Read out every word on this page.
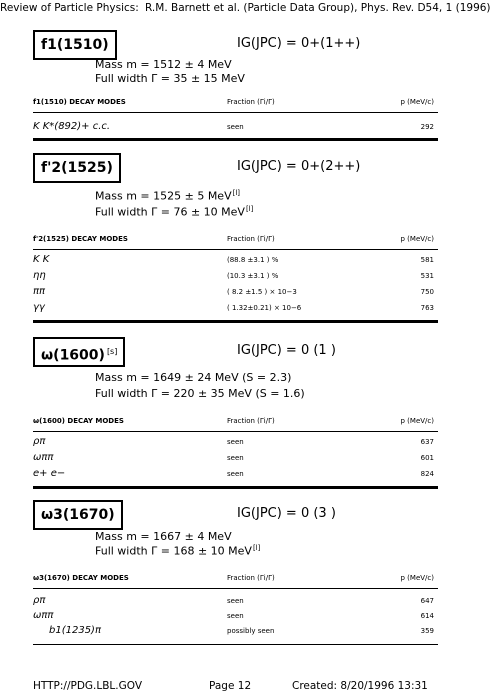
Review of Particle Physics: R.M. Barnett et al. (Particle Data Group), Phys. Rev. D54, 1 (1996)
f1(1510)	IG(JPC) = 0+(1++)
Mass m = 1512 ± 4 MeV
Full width Γ = 35 ± 15 MeV
f1(1510) DECAY MODES	Fraction (Γi/Γ)	p (MeV/c)
K K*(892)+ c.c.	seen	292
f'2(1525)	IG(JPC) = 0+(2++)
Mass m = 1525 ± 5 MeV[l]
Full width Γ = 76 ± 10 MeV[l]
f'2(1525) DECAY MODES	Fraction (Γi/Γ)	p (MeV/c)
K K	(88.8 ±3.1 ) %	581
ηη	(10.3 ±3.1 ) %	531
ππ	( 8.2 ±1.5 ) × 10−3	750
γγ	( 1.32±0.21) × 10−6	763
ω(1600) [s]	IG(JPC) = 0 (1 )
Mass m = 1649 ± 24 MeV (S = 2.3)
Full width Γ = 220 ± 35 MeV (S = 1.6)
ω(1600) DECAY MODES	Fraction (Γi/Γ)	p (MeV/c)
ρπ	seen	637
ωππ	seen	601
e+ e−	seen	824
ω3(1670)	IG(JPC) = 0 (3 )
Mass m = 1667 ± 4 MeV
Full width Γ = 168 ± 10 MeV[l]
ω3(1670) DECAY MODES	Fraction (Γi/Γ)	p (MeV/c)
ρπ	seen	647
ωππ	seen	614
b1(1235)π	possibly seen	359
HTTP://PDG.LBL.GOV	Page 12	Created: 8/20/1996 13:31
